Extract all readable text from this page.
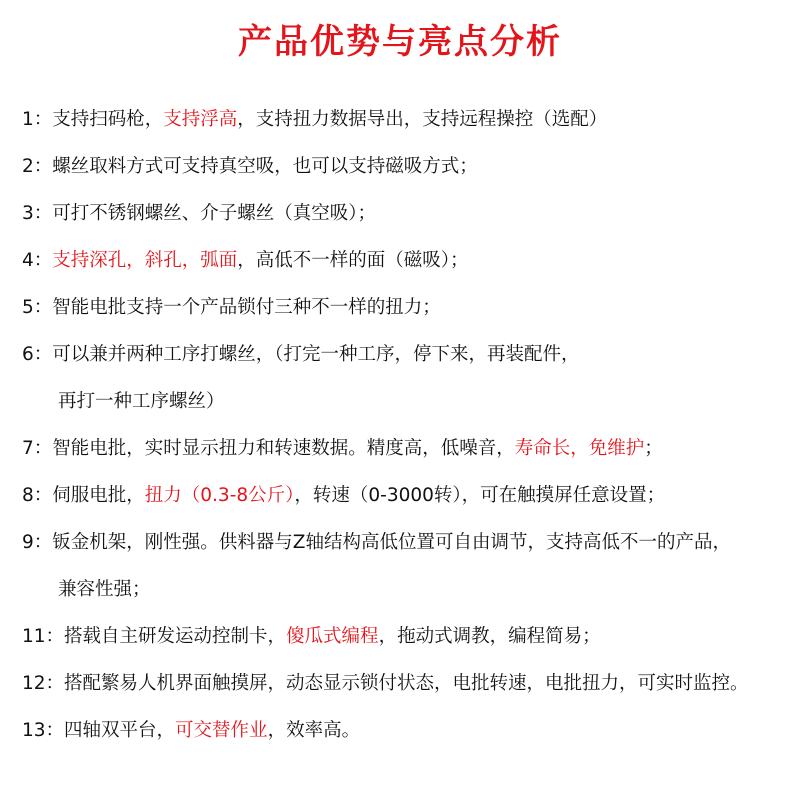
产品优势与亮点分析
1：支持扫码枪，支持浮高，支持扭力数据导出，支持远程操控（选配）
2：螺丝取料方式可支持真空吸，也可以支持磁吸方式；
3：可打不锈钢螺丝、介子螺丝（真空吸）；
4：支持深孔，斜孔，弧面，高低不一样的面（磁吸）；
5：智能电批支持一个产品锁付三种不一样的扭力；
6：可以兼并两种工序打螺丝，（打完一种工序，停下来，再装配件，
再打一种工序螺丝）
7：智能电批，实时显示扭力和转速数据。精度高，低噪音，寿命长，免维护；
8：伺服电批，扭力（0.3-8公斤），转速（0-3000转），可在触摸屏任意设置；
9：钣金机架，刚性强。供料器与Z轴结构高低位置可自由调节，支持高低不一的产品，
兼容性强；
11：搭载自主研发运动控制卡，傻瓜式编程，拖动式调教，编程简易；
12：搭配繁易人机界面触摸屏，动态显示锁付状态，电批转速，电批扭力，可实时监控。
13：四轴双平台，可交替作业，效率高。
